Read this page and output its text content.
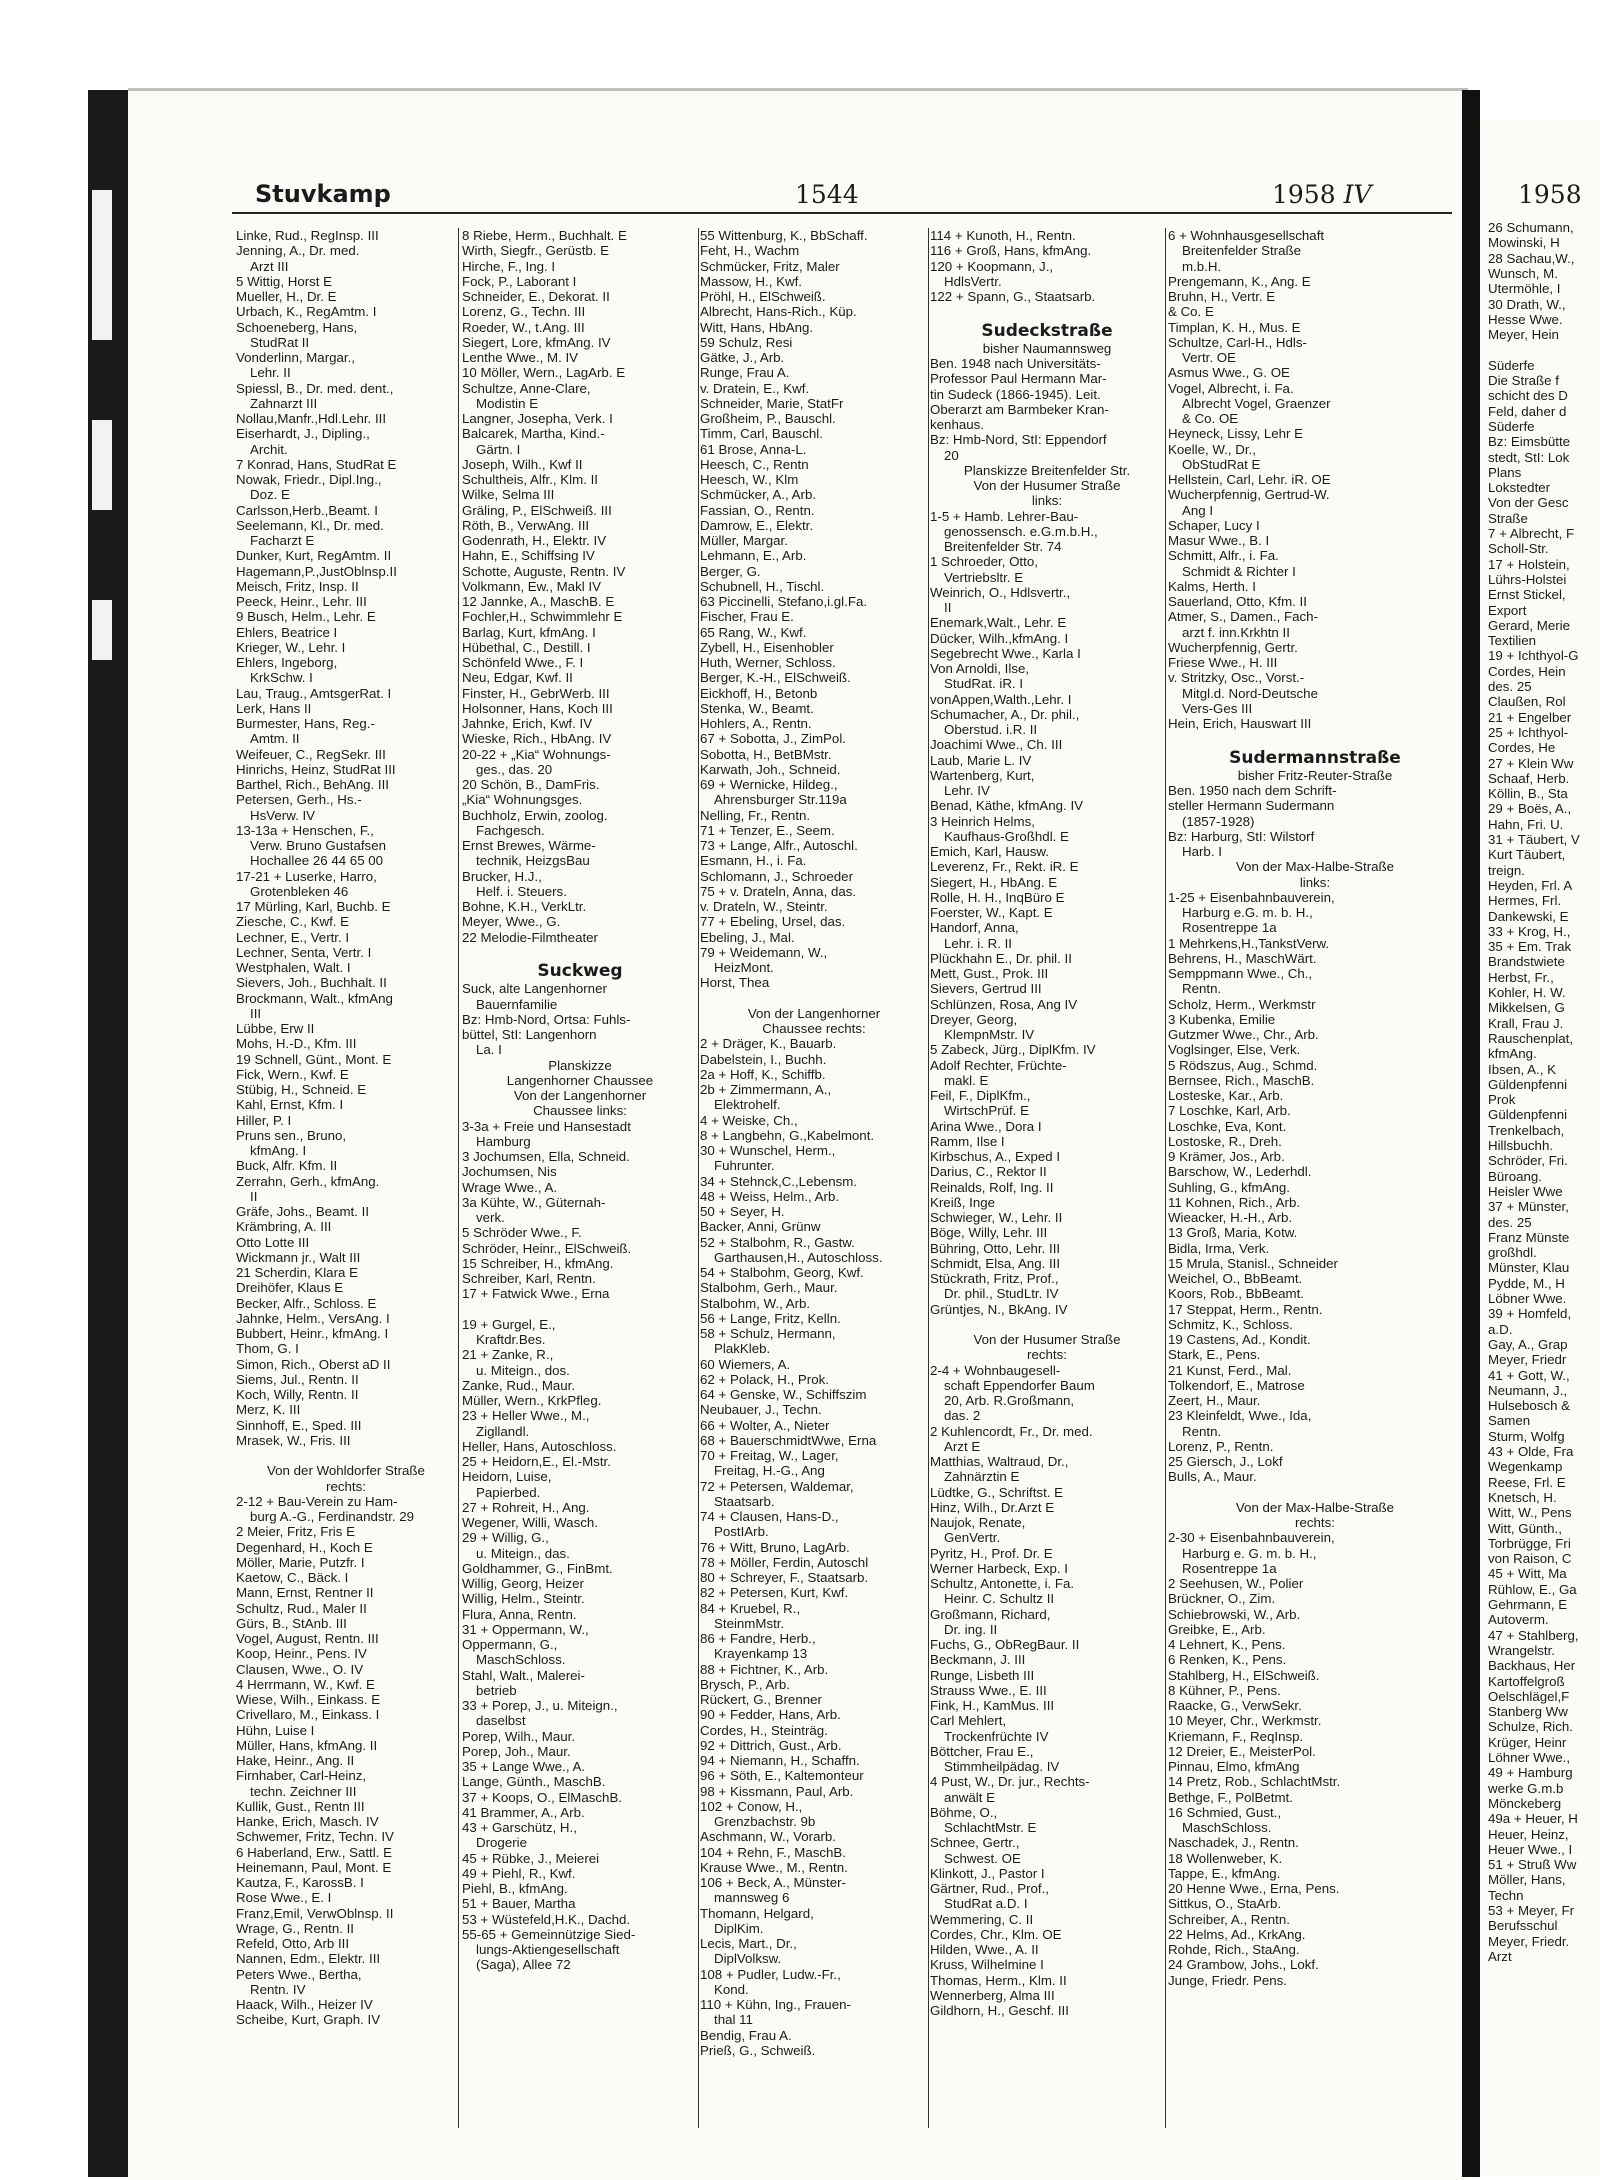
Stuvkamp	1544	1958 IV
Linke, Rud., RegInsp. III
Jenning, A., Dr. med.
Arzt III
5 Wittig, Horst E
Mueller, H., Dr. E
Urbach, K., RegAmtm. I
Schoeneberg, Hans,
StudRat II
Vonderlinn, Margar.,
Lehr. II
Spiessl, B., Dr. med. dent.,
Zahnarzt III
Nollau,Manfr.,Hdl.Lehr. III
Eiserhardt, J., Dipling.,
Archit.
7 Konrad, Hans, StudRat E
Nowak, Friedr., Dipl.Ing.,
Doz. E
Carlsson,Herb.,Beamt. I
Seelemann, Kl., Dr. med.
Facharzt E
Dunker, Kurt, RegAmtm. II
Hagemann,P.,JustOblnsp.II
Meisch, Fritz, Insp. II
Peeck, Heinr., Lehr. III
9 Busch, Helm., Lehr. E
Ehlers, Beatrice I
Krieger, W., Lehr. I
Ehlers, Ingeborg,
KrkSchw. I
Lau, Traug., AmtsgerRat. I
Lerk, Hans II
Burmester, Hans, Reg.-
Amtm. II
Weifeuer, C., RegSekr. III
Hinrichs, Heinz, StudRat III
Barthel, Rich., BehAng. III
Petersen, Gerh., Hs.-
HsVerw. IV
13-13a + Henschen, F.,
Verw. Bruno Gustafsen
Hochallee 26 44 65 00
17-21 + Luserke, Harro,
Grotenbleken 46
17 Mürling, Karl, Buchb. E
Ziesche, C., Kwf. E
Lechner, E., Vertr. I
Lechner, Senta, Vertr. I
Westphalen, Walt. I
Sievers, Joh., Buchhalt. II
Brockmann, Walt., kfmAng
III
Lübbe, Erw II
Mohs, H.-D., Kfm. III
19 Schnell, Günt., Mont. E
Fick, Wern., Kwf. E
Stübig, H., Schneid. E
Kahl, Ernst, Kfm. I
Hiller, P. I
Pruns sen., Bruno,
kfmAng. I
Buck, Alfr. Kfm. II
Zerrahn, Gerh., kfmAng.
II
Gräfe, Johs., Beamt. II
Krämbring, A. III
Otto Lotte III
Wickmann jr., Walt III
21 Scherdin, Klara E
Dreihöfer, Klaus E
Becker, Alfr., Schloss. E
Jahnke, Helm., VersAng. I
Bubbert, Heinr., kfmAng. I
Thom, G. I
Simon, Rich., Oberst aD II
Siems, Jul., Rentn. II
Koch, Willy, Rentn. II
Merz, K. III
Sinnhoff, E., Sped. III
Mrasek, W., Fris. III

Von der Wohldorfer Straße
rechts:
2-12 + Bau-Verein zu Ham-
burg A.-G., Ferdinandstr. 29
2 Meier, Fritz, Fris E
Degenhard, H., Koch E
Möller, Marie, Putzfr. I
Kaetow, C., Bäck. I
Mann, Ernst, Rentner II
Schultz, Rud., Maler II
Gürs, B., StAnb. III
Vogel, August, Rentn. III
Koop, Heinr., Pens. IV
Clausen, Wwe., O. IV
4 Herrmann, W., Kwf. E
Wiese, Wilh., Einkass. E
Crivellaro, M., Einkass. I
Hühn, Luise I
Müller, Hans, kfmAng. II
Hake, Heinr., Ang. II
Firnhaber, Carl-Heinz,
techn. Zeichner III
Kullik, Gust., Rentn III
Hanke, Erich, Masch. IV
Schwemer, Fritz, Techn. IV
6 Haberland, Erw., Sattl. E
Heinemann, Paul, Mont. E
Kautza, F., KarossB. I
Rose Wwe., E. I
Franz,Emil, VerwOblnsp. II
Wrage, G., Rentn. II
Refeld, Otto, Arb III
Nannen, Edm., Elektr. III
Peters Wwe., Bertha,
Rentn. IV
Haack, Wilh., Heizer IV
Scheibe, Kurt, Graph. IV
8 Riebe, Herm., Buchhalt. E
Wirth, Siegfr., Gerüstb. E
Hirche, F., Ing. I
Fock, P., Laborant I
Schneider, E., Dekorat. II
Lorenz, G., Techn. III
Roeder, W., t.Ang. III
Siegert, Lore, kfmAng. IV
Lenthe Wwe., M. IV
10 Möller, Wern., LagArb. E
Schultze, Anne-Clare,
Modistin E
Langner, Josepha, Verk. I
Balcarek, Martha, Kind.-
Gärtn. I
Joseph, Wilh., Kwf II
Schultheis, Alfr., Klm. II
Wilke, Selma III
Gräling, P., ElSchweiß. III
Röth, B., VerwAng. III
Godenrath, H., Elektr. IV
Hahn, E., Schiffsing IV
Schotte, Auguste, Rentn. IV
Volkmann, Ew., Makl IV
12 Jannke, A., MaschB. E
Fochler,H., Schwimmlehr E
Barlag, Kurt, kfmAng. I
Hübethal, C., Destill. I
Schönfeld Wwe., F. I
Neu, Edgar, Kwf. II
Finster, H., GebrWerb. III
Holsonner, Hans, Koch III
Jahnke, Erich, Kwf. IV
Wieske, Rich., HbAng. IV
20-22 + „Kia“ Wohnungs-
ges., das. 20
20 Schön, B., DamFris.
„Kia“ Wohnungsges.
Buchholz, Erwin, zoolog.
Fachgesch.
Ernst Brewes, Wärme-
technik, HeizgsBau
Brucker, H.J.,
Helf. i. Steuers.
Bohne, K.H., VerkLtr.
Meyer, Wwe., G.
22 Melodie-Filmtheater

Suckweg
Suck, alte Langenhorner
Bauernfamilie
Bz: Hmb-Nord, Ortsa: Fuhls-
büttel, StI: Langenhorn
La. I
Planskizze
Langenhorner Chaussee
Von der Langenhorner
Chaussee links:
3-3a + Freie und Hansestadt
Hamburg
3 Jochumsen, Ella, Schneid.
Jochumsen, Nis
Wrage Wwe., A.
3a Kühte, W., Güternah-
verk.
5 Schröder Wwe., F.
Schröder, Heinr., ElSchweiß.
15 Schreiber, H., kfmAng.
Schreiber, Karl, Rentn.
17 + Fatwick Wwe., Erna

19 + Gurgel, E.,
Kraftdr.Bes.
21 + Zanke, R.,
u. Miteign., dos.
Zanke, Rud., Maur.
Müller, Wern., KrkPfleg.
23 + Heller Wwe., M.,
Zigllandl.
Heller, Hans, Autoschloss.
25 + Heidorn,E., El.-Mstr.
Heidorn, Luise,
Papierbed.
27 + Rohreit, H., Ang.
Wegener, Willi, Wasch.
29 + Willig, G.,
u. Miteign., das.
Goldhammer, G., FinBmt.
Willig, Georg, Heizer
Willig, Helm., Steintr.
Flura, Anna, Rentn.
31 + Oppermann, W.,
Oppermann, G.,
MaschSchloss.
Stahl, Walt., Malerei-
betrieb
33 + Porep, J., u. Miteign.,
daselbst
Porep, Wilh., Maur.
Porep, Joh., Maur.
35 + Lange Wwe., A.
Lange, Günth., MaschB.
37 + Koops, O., ElMaschB.
41 Brammer, A., Arb.
43 + Garschütz, H.,
Drogerie
45 + Rübke, J., Meierei
49 + Piehl, R., Kwf.
Piehl, B., kfmAng.
51 + Bauer, Martha
53 + Wüstefeld,H.K., Dachd.
55-65 + Gemeinnützige Sied-
lungs-Aktiengesellschaft
(Saga), Allee 72
55 Wittenburg, K., BbSchaff.
Feht, H., Wachm
Schmücker, Fritz, Maler
Massow, H., Kwf.
Pröhl, H., ElSchweiß.
Albrecht, Hans-Rich., Küp.
Witt, Hans, HbAng.
59 Schulz, Resi
Gätke, J., Arb.
Runge, Frau A.
v. Dratein, E., Kwf.
Schneider, Marie, StatFr
Großheim, P., Bauschl.
Timm, Carl, Bauschl.
61 Brose, Anna-L.
Heesch, C., Rentn
Heesch, W., Klm
Schmücker, A., Arb.
Fassian, O., Rentn.
Damrow, E., Elektr.
Müller, Margar.
Lehmann, E., Arb.
Berger, G.
Schubnell, H., Tischl.
63 Piccinelli, Stefano,i.gl.Fa.
Fischer, Frau E.
65 Rang, W., Kwf.
Zybell, H., Eisenhobler
Huth, Werner, Schloss.
Berger, K.-H., ElSchweiß.
Eickhoff, H., Betonb
Stenka, W., Beamt.
Hohlers, A., Rentn.
67 + Sobotta, J., ZimPol.
Sobotta, H., BetBMstr.
Karwath, Joh., Schneid.
69 + Wernicke, Hildeg.,
Ahrensburger Str.119a
Nelling, Fr., Rentn.
71 + Tenzer, E., Seem.
73 + Lange, Alfr., Autoschl.
Esmann, H., i. Fa.
Schlomann, J., Schroeder
75 + v. Drateln, Anna, das.
v. Drateln, W., Steintr.
77 + Ebeling, Ursel, das.
Ebeling, J., Mal.
79 + Weidemann, W.,
HeizMont.
Horst, Thea

Von der Langenhorner
Chaussee rechts:
2 + Dräger, K., Bauarb.
Dabelstein, I., Buchh.
2a + Hoff, K., Schiffb.
2b + Zimmermann, A.,
Elektrohelf.
4 + Weiske, Ch.,
8 + Langbehn, G.,Kabelmont.
30 + Wunschel, Herm.,
Fuhrunter.
34 + Stehnck,C.,Lebensm.
48 + Weiss, Helm., Arb.
50 + Seyer, H.
Backer, Anni, Grünw
52 + Stalbohm, R., Gastw.
Garthausen,H., Autoschloss.
54 + Stalbohm, Georg, Kwf.
Stalbohm, Gerh., Maur.
Stalbohm, W., Arb.
56 + Lange, Fritz, Kelln.
58 + Schulz, Hermann,
PlakKleb.
60 Wiemers, A.
62 + Polack, H., Prok.
64 + Genske, W., Schiffszim
Neubauer, J., Techn.
66 + Wolter, A., Nieter
68 + BauerschmidtWwe, Erna
70 + Freitag, W., Lager,
Freitag, H.-G., Ang
72 + Petersen, Waldemar,
Staatsarb.
74 + Clausen, Hans-D.,
PostIArb.
76 + Witt, Bruno, LagArb.
78 + Möller, Ferdin, Autoschl
80 + Schreyer, F., Staatsarb.
82 + Petersen, Kurt, Kwf.
84 + Kruebel, R.,
SteinmMstr.
86 + Fandre, Herb.,
Krayenkamp 13
88 + Fichtner, K., Arb.
Brysch, P., Arb.
Rückert, G., Brenner
90 + Fedder, Hans, Arb.
Cordes, H., Steinträg.
92 + Dittrich, Gust., Arb.
94 + Niemann, H., Schaffn.
96 + Söth, E., Kaltemonteur
98 + Kissmann, Paul, Arb.
102 + Conow, H.,
Grenzbachstr. 9b
Aschmann, W., Vorarb.
104 + Rehn, F., MaschB.
Krause Wwe., M., Rentn.
106 + Beck, A., Münster-
mannsweg 6
Thomann, Helgard,
DiplKim.
Lecis, Mart., Dr.,
DiplVolksw.
108 + Pudler, Ludw.-Fr.,
Kond.
110 + Kühn, Ing., Frauen-
thal 11
Bendig, Frau A.
Prieß, G., Schweiß.
114 + Kunoth, H., Rentn.
116 + Groß, Hans, kfmAng.
120 + Koopmann, J.,
HdlsVertr.
122 + Spann, G., Staatsarb.

Sudeckstraße
bisher Naumannsweg
Ben. 1948 nach Universitäts-
Professor Paul Hermann Mar-
tin Sudeck (1866-1945). Leit.
Oberarzt am Barmbeker Kran-
kenhaus.
Bz: Hmb-Nord, StI: Eppendorf
20
Planskizze Breitenfelder Str.
Von der Husumer Straße
links:
1-5 + Hamb. Lehrer-Bau-
genossensch. e.G.m.b.H.,
Breitenfelder Str. 74
1 Schroeder, Otto,
Vertriebsltr. E
Weinrich, O., Hdlsvertr.,
II
Enemark,Walt., Lehr. E
Dücker, Wilh.,kfmAng. I
Segebrecht Wwe., Karla I
Von Arnoldi, Ilse,
StudRat. iR. I
vonAppen,Walth.,Lehr. I
Schumacher, A., Dr. phil.,
Oberstud. i.R. II
Joachimi Wwe., Ch. III
Laub, Marie L. IV
Wartenberg, Kurt,
Lehr. IV
Benad, Käthe, kfmAng. IV
3 Heinrich Helms,
Kaufhaus-Großhdl. E
Emich, Karl, Hausw.
Leverenz, Fr., Rekt. iR. E
Siegert, H., HbAng. E
Rolle, H. H., InqBüro E
Foerster, W., Kapt. E
Handorf, Anna,
Lehr. i. R. II
Plückhahn E., Dr. phil. II
Mett, Gust., Prok. III
Sievers, Gertrud III
Schlünzen, Rosa, Ang IV
Dreyer, Georg,
KlempnMstr. IV
5 Zabeck, Jürg., DiplKfm. IV
Adolf Rechter, Früchte-
makl. E
Feil, F., DiplKfm.,
WirtschPrüf. E
Arina Wwe., Dora I
Ramm, Ilse I
Kirbschus, A., Exped I
Darius, C., Rektor II
Reinalds, Rolf, Ing. II
Kreiß, Inge
Schwieger, W., Lehr. II
Böge, Willy, Lehr. III
Bühring, Otto, Lehr. III
Schmidt, Elsa, Ang. III
Stückrath, Fritz, Prof.,
Dr. phil., StudLtr. IV
Grüntjes, N., BkAng. IV

Von der Husumer Straße
rechts:
2-4 + Wohnbaugesell-
schaft Eppendorfer Baum
20, Arb. R.Großmann,
das. 2
2 Kuhlencordt, Fr., Dr. med.
Arzt E
Matthias, Waltraud, Dr.,
Zahnärztin E
Lüdtke, G., Schriftst. E
Hinz, Wilh., Dr.Arzt E
Naujok, Renate,
GenVertr.
Pyritz, H., Prof. Dr. E
Werner Harbeck, Exp. I
Schultz, Antonette, i. Fa.
Heinr. C. Schultz II
Großmann, Richard,
Dr. ing. II
Fuchs, G., ObRegBaur. II
Beckmann, J. III
Runge, Lisbeth III
Strauss Wwe., E. III
Fink, H., KamMus. III
Carl Mehlert,
Trockenfrüchte IV
Böttcher, Frau E.,
Stimmheilpädag. IV
4 Pust, W., Dr. jur., Rechts-
anwält E
Böhme, O.,
SchlachtMstr. E
Schnee, Gertr.,
Schwest. OE
Klinkott, J., Pastor I
Gärtner, Rud., Prof.,
StudRat a.D. I
Wemmering, C. II
Cordes, Chr., Klm. OE
Hilden, Wwe., A. II
Kruss, Wilhelmine I
Thomas, Herm., Klm. II
Wennerberg, Alma III
Gildhorn, H., Geschf. III
6 + Wohnhausgesellschaft
Breitenfelder Straße
m.b.H.
Prengemann, K., Ang. E
Bruhn, H., Vertr. E
& Co. E
Timplan, K. H., Mus. E
Schultze, Carl-H., Hdls-
Vertr. OE
Asmus Wwe., G. OE
Vogel, Albrecht, i. Fa.
Albrecht Vogel, Graenzer
& Co. OE
Heyneck, Lissy, Lehr E
Koelle, W., Dr.,
ObStudRat E
Hellstein, Carl, Lehr. iR. OE
Wucherpfennig, Gertrud-W.
Ang I
Schaper, Lucy I
Masur Wwe., B. I
Schmitt, Alfr., i. Fa.
Schmidt & Richter I
Kalms, Herth. I
Sauerland, Otto, Kfm. II
Atmer, S., Damen., Fach-
arzt f. inn.Krkhtn II
Wucherpfennig, Gertr.
Friese Wwe., H. III
v. Stritzky, Osc., Vorst.-
Mitgl.d. Nord-Deutsche
Vers-Ges III
Hein, Erich, Hauswart III

Sudermannstraße
bisher Fritz-Reuter-Straße
Ben. 1950 nach dem Schrift-
steller Hermann Sudermann
(1857-1928)
Bz: Harburg, StI: Wilstorf
Harb. I
Von der Max-Halbe-Straße
links:
1-25 + Eisenbahnbauverein,
Harburg e.G. m. b. H.,
Rosentreppe 1a
1 Mehrkens,H.,TankstVerw.
Behrens, H., MaschWärt.
Semppmann Wwe., Ch.,
Rentn.
Scholz, Herm., Werkmstr
3 Kubenka, Emilie
Gutzmer Wwe., Chr., Arb.
Voglsinger, Else, Verk.
5 Rödszus, Aug., Schmd.
Bernsee, Rich., MaschB.
Losteske, Kar., Arb.
7 Loschke, Karl, Arb.
Loschke, Eva, Kont.
Lostoske, R., Dreh.
9 Krämer, Jos., Arb.
Barschow, W., Lederhdl.
Suhling, G., kfmAng.
11 Kohnen, Rich., Arb.
Wieacker, H.-H., Arb.
13 Groß, Maria, Kotw.
Bidla, Irma, Verk.
15 Mrula, Stanisl., Schneider
Weichel, O., BbBeamt.
Koors, Rob., BbBeamt.
17 Steppat, Herm., Rentn.
Schmitz, K., Schloss.
19 Castens, Ad., Kondit.
Stark, E., Pens.
21 Kunst, Ferd., Mal.
Tolkendorf, E., Matrose
Zeert, H., Maur.
23 Kleinfeldt, Wwe., Ida,
Rentn.
Lorenz, P., Rentn.
25 Giersch, J., Lokf
Bulls, A., Maur.

Von der Max-Halbe-Straße
rechts:
2-30 + Eisenbahnbauverein,
Harburg e. G. m. b. H.,
Rosentreppe 1a
2 Seehusen, W., Polier
Brückner, O., Zim.
Schiebrowski, W., Arb.
Greibke, E., Arb.
4 Lehnert, K., Pens.
6 Renken, K., Pens.
Stahlberg, H., ElSchweiß.
8 Kühner, P., Pens.
Raacke, G., VerwSekr.
10 Meyer, Chr., Werkmstr.
Kriemann, F., ReqInsp.
12 Dreier, E., MeisterPol.
Pinnau, Elmo, kfmAng
14 Pretz, Rob., SchlachtMstr.
Bethge, F., PolBetmt.
16 Schmied, Gust.,
MaschSchloss.
Naschadek, J., Rentn.
18 Wollenweber, K.
Tappe, E., kfmAng.
20 Henne Wwe., Erna, Pens.
Sittkus, O., StaArb.
Schreiber, A., Rentn.
22 Helms, Ad., KrkAng.
Rohde, Rich., StaAng.
24 Grambow, Johs., Lokf.
Junge, Friedr. Pens.
1958
26 Schumann,
Mowinski, H
28 Sachau,W.,
Wunsch, M.
Utermöhle, I
30 Drath, W.,
Hesse Wwe.
Meyer, Hein

Süderfe
Die Straße f
schicht des D
Feld, daher d
Süderfe
Bz: Eimsbütte
stedt, StI: Lok
Plans
Lokstedter
Von der Gesc
Straße
7 + Albrecht, F
Scholl-Str.
17 + Holstein,
Lührs-Holstei
Ernst Stickel,
Export
Gerard, Merie
Textilien
19 + Ichthyol-G
Cordes, Hein
des. 25
Claußen, Rol
21 + Engelber
25 + Ichthyol-
Cordes, He
27 + Klein Ww
Schaaf, Herb.
Köllin, B., Sta
29 + Boës, A.,
Hahn, Fri. U.
31 + Täubert, V
Kurt Täubert,
treign.
Heyden, Frl. A
Hermes, Frl.
Dankewski, E
33 + Krog, H.,
35 + Em. Trak
Brandstwiete
Herbst, Fr.,
Kohler, H. W.
Mikkelsen, G
Krall, Frau J.
Rauschenplat,
kfmAng.
Ibsen, A., K
Güldenpfenni
Prok
Güldenpfenni
Trenkelbach,
Hillsbuchh.
Schröder, Fri.
Büroang.
Heisler Wwe
37 + Münster,
des. 25
Franz Münste
großhdl.
Münster, Klau
Pydde, M., H
Löbner Wwe.
39 + Homfeld,
a.D.
Gay, A., Grap
Meyer, Friedr
41 + Gott, W.,
Neumann, J.,
Hulsebosch &
Samen
Sturm, Wolfg
43 + Olde, Fra
Wegenkamp
Reese, Frl. E
Knetsch, H.
Witt, W., Pens
Witt, Günth.,
Torbrügge, Fri
von Raison, C
45 + Witt, Ma
Rühlow, E., Ga
Gehrmann, E
Autoverm.
47 + Stahlberg,
Wrangelstr.
Backhaus, Her
Kartoffelgroß
Oelschlägel,F
Stanberg Ww
Schulze, Rich.
Krüger, Heinr
Löhner Wwe.,
49 + Hamburg
werke G.m.b
Mönckeberg
49a + Heuer, H
Heuer, Heinz,
Heuer Wwe., I
51 + Struß Ww
Möller, Hans,
Techn
53 + Meyer, Fr
Berufsschul
Meyer, Friedr.
Arzt
